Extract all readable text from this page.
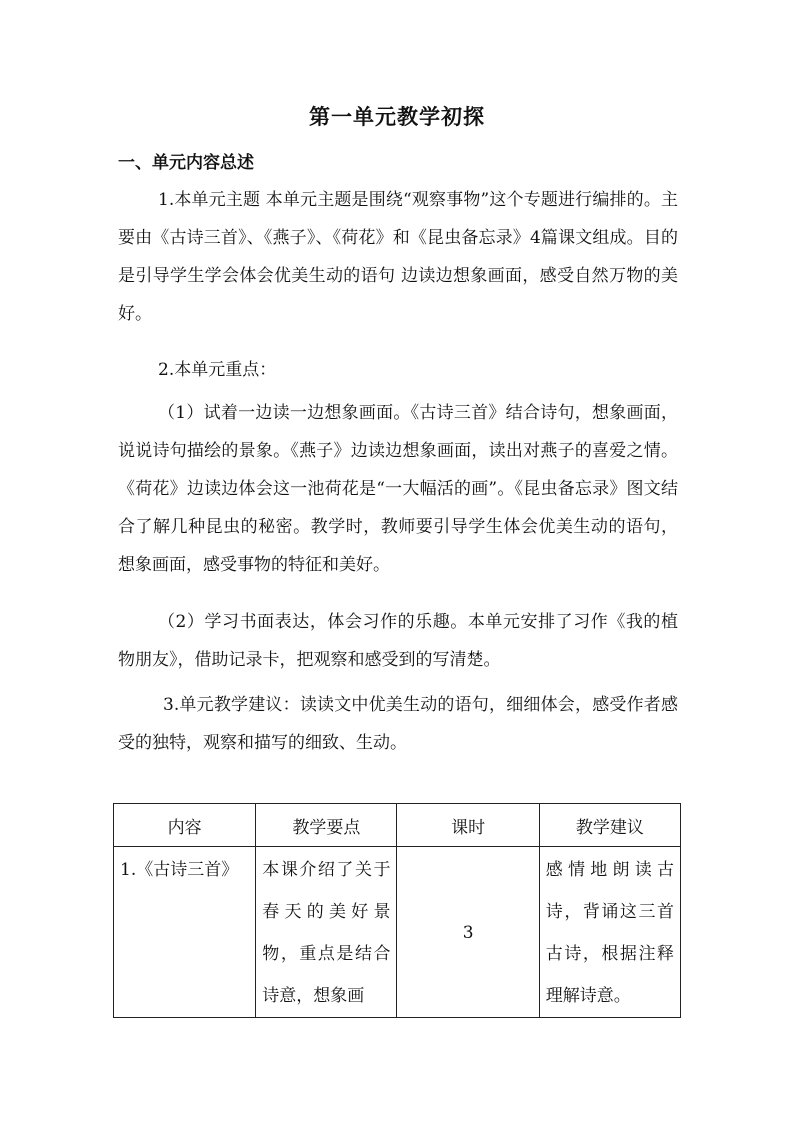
第一单元教学初探
一、单元内容总述

1.本单元主题 本单元主题是围绕“观察事物”这个专题进行编排的。主要由《古诗三首》、《燕子》、《荷花》和《昆虫备忘录》4篇课文组成。目的是引导学生学会体会优美生动的语句 边读边想象画面，感受自然万物的美好。

2.本单元重点：

（1）试着一边读一边想象画面。《古诗三首》结合诗句，想象画面，说说诗句描绘的景象。《燕子》边读边想象画面，读出对燕子的喜爱之情。《荷花》边读边体会这一池荷花是“一大幅活的画”。《昆虫备忘录》图文结合了解几种昆虫的秘密。教学时，教师要引导学生体会优美生动的语句，想象画面，感受事物的特征和美好。

（2）学习书面表达，体会习作的乐趣。本单元安排了习作《我的植物朋友》，借助记录卡，把观察和感受到的写清楚。

3.单元教学建议：读读文中优美生动的语句，细细体会，感受作者感受的独特，观察和描写的细致、生动。

内容	教学要点	课时	教学建议
1.《古诗三首》	本课介绍了关于春天的美好景物，重点是结合诗意，想象画	3	感情地朗读古诗，背诵这三首古诗，根据注释理解诗意。
